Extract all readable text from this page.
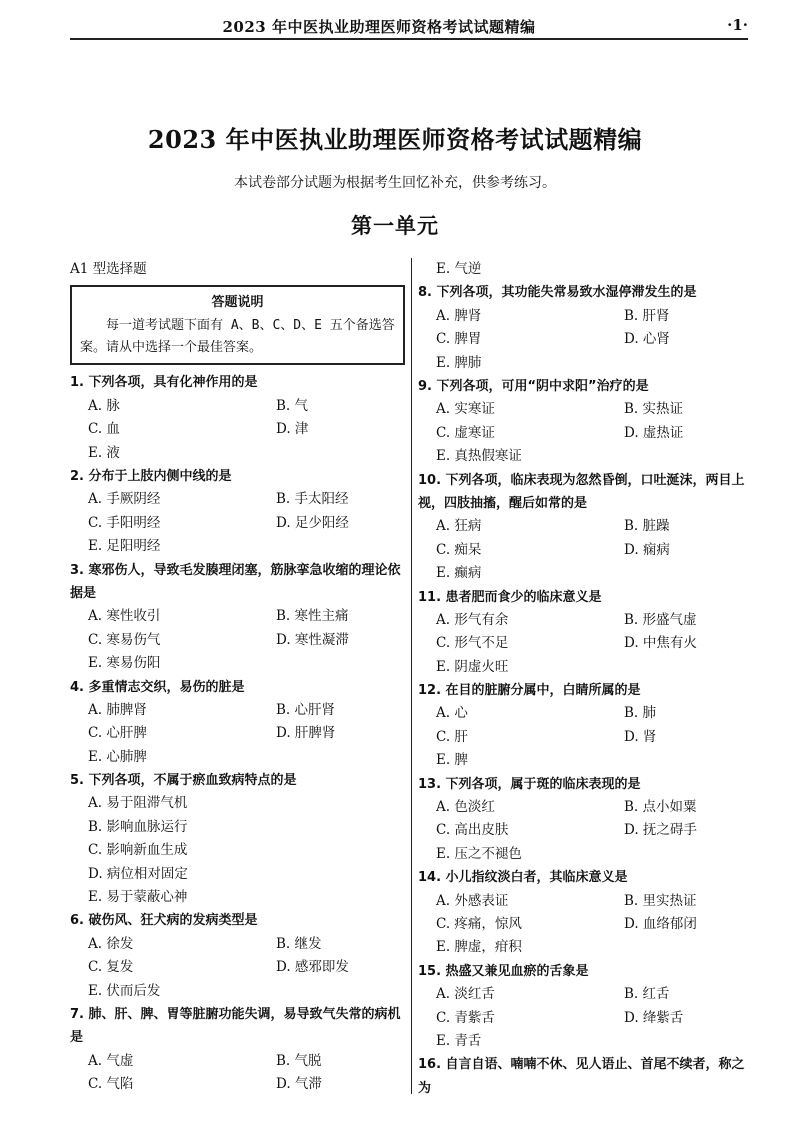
2023 年中医执业助理医师资格考试试题精编	·1·
2023 年中医执业助理医师资格考试试题精编
本试卷部分试题为根据考生回忆补充，供参考练习。
第一单元
A1 型选择题
答题说明
每一道考试题下面有 A、B、C、D、E 五个备选答案。请从中选择一个最佳答案。
1. 下列各项，具有化神作用的是
A. 脉	B. 气
C. 血	D. 津
E. 液
2. 分布于上肢内侧中线的是
A. 手厥阴经	B. 手太阳经
C. 手阳明经	D. 足少阳经
E. 足阳明经
3. 寒邪伤人，导致毛发腠理闭塞，筋脉挛急收缩的理论依据是
A. 寒性收引	B. 寒性主痛
C. 寒易伤气	D. 寒性凝滞
E. 寒易伤阳
4. 多重情志交织，易伤的脏是
A. 肺脾肾	B. 心肝肾
C. 心肝脾	D. 肝脾肾
E. 心肺脾
5. 下列各项，不属于瘀血致病特点的是
A. 易于阻滞气机
B. 影响血脉运行
C. 影响新血生成
D. 病位相对固定
E. 易于蒙蔽心神
6. 破伤风、狂犬病的发病类型是
A. 徐发	B. 继发
C. 复发	D. 感邪即发
E. 伏而后发
7. 肺、肝、脾、胃等脏腑功能失调，易导致气失常的病机是
A. 气虚	B. 气脱
C. 气陷	D. 气滞
E. 气逆
8. 下列各项，其功能失常易致水湿停滞发生的是
A. 脾肾	B. 肝肾
C. 脾胃	D. 心肾
E. 脾肺
9. 下列各项，可用“阴中求阳”治疗的是
A. 实寒证	B. 实热证
C. 虚寒证	D. 虚热证
E. 真热假寒证
10. 下列各项，临床表现为忽然昏倒，口吐涎沫，两目上视，四肢抽搐，醒后如常的是
A. 狂病	B. 脏躁
C. 痴呆	D. 痫病
E. 癫病
11. 患者肥而食少的临床意义是
A. 形气有余	B. 形盛气虚
C. 形气不足	D. 中焦有火
E. 阴虚火旺
12. 在目的脏腑分属中，白睛所属的是
A. 心	B. 肺
C. 肝	D. 肾
E. 脾
13. 下列各项，属于斑的临床表现的是
A. 色淡红	B. 点小如粟
C. 高出皮肤	D. 抚之碍手
E. 压之不褪色
14. 小儿指纹淡白者，其临床意义是
A. 外感表证	B. 里实热证
C. 疼痛，惊风	D. 血络郁闭
E. 脾虚，疳积
15. 热盛又兼见血瘀的舌象是
A. 淡红舌	B. 红舌
C. 青紫舌	D. 绛紫舌
E. 青舌
16. 自言自语、喃喃不休、见人语止、首尾不续者，称之为
